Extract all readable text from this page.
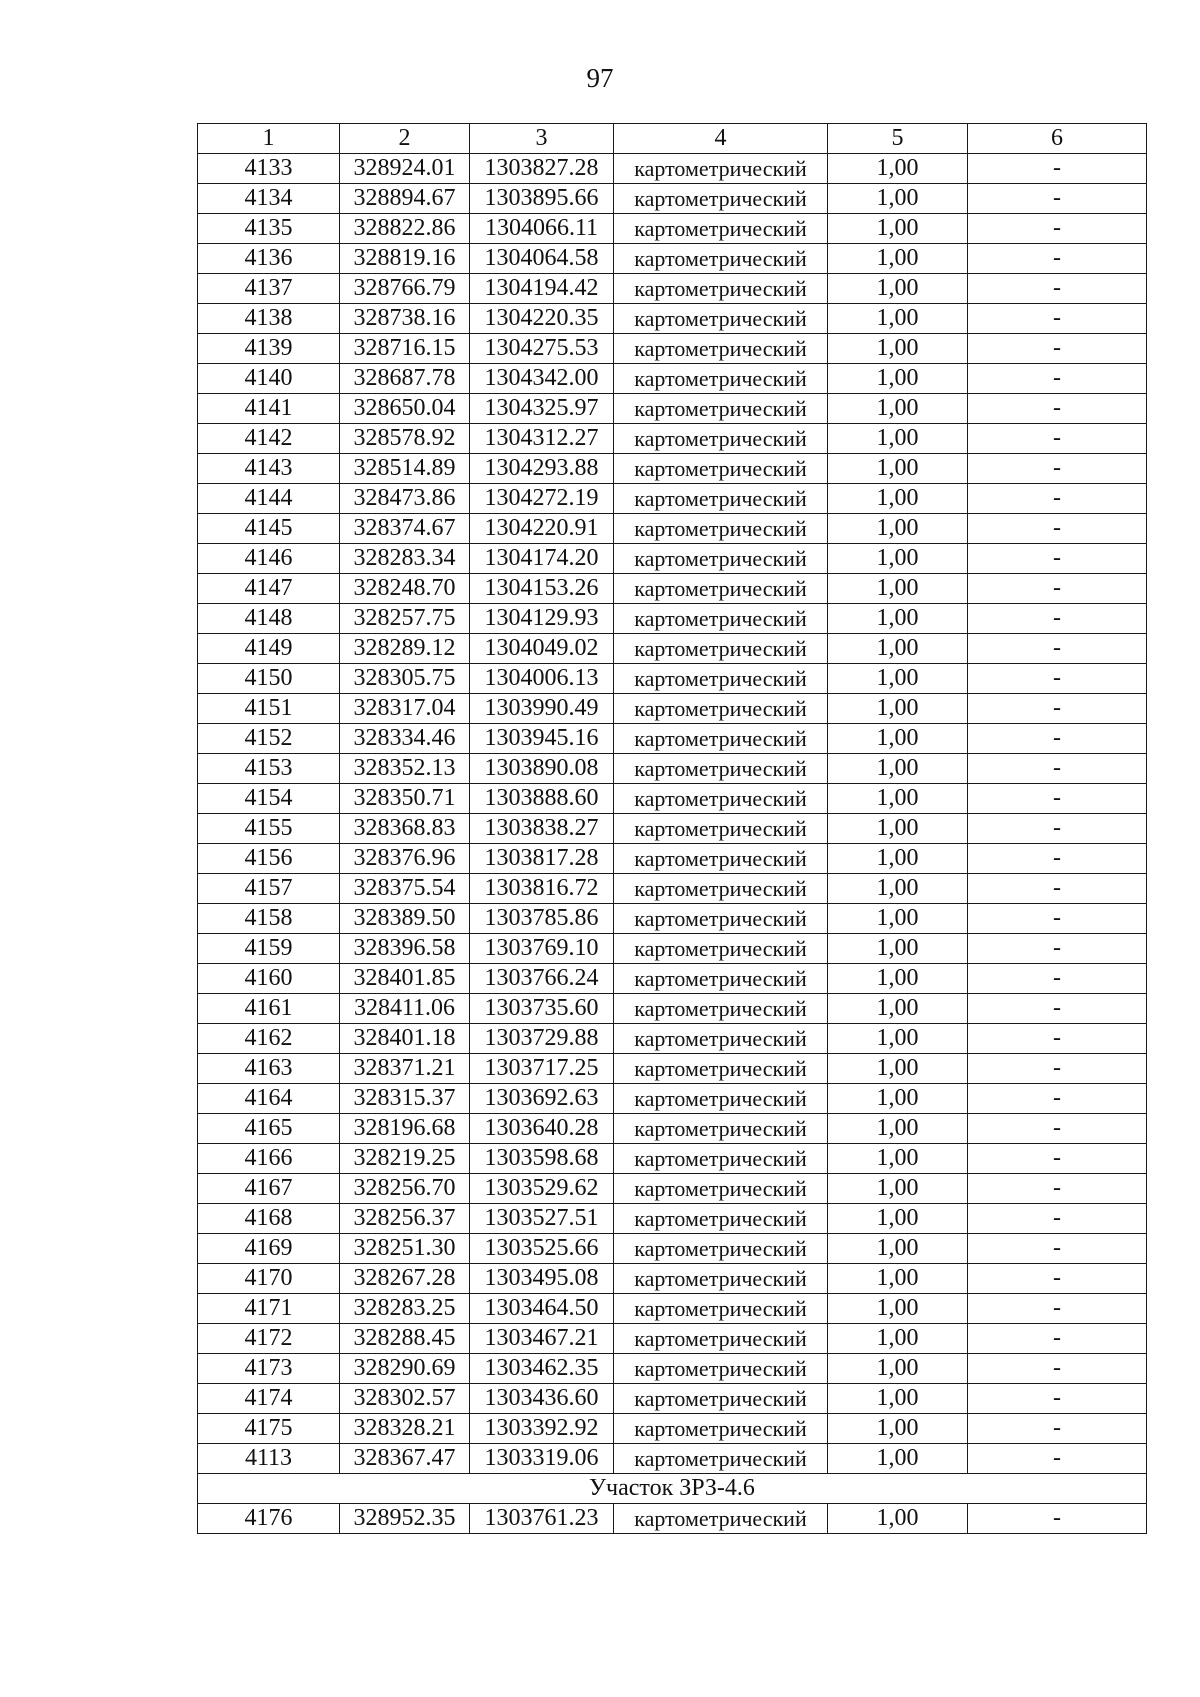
97
1	2	3	4	5	6
4133	328924.01	1303827.28	картометрический	1,00	-
4134	328894.67	1303895.66	картометрический	1,00	-
4135	328822.86	1304066.11	картометрический	1,00	-
4136	328819.16	1304064.58	картометрический	1,00	-
4137	328766.79	1304194.42	картометрический	1,00	-
4138	328738.16	1304220.35	картометрический	1,00	-
4139	328716.15	1304275.53	картометрический	1,00	-
4140	328687.78	1304342.00	картометрический	1,00	-
4141	328650.04	1304325.97	картометрический	1,00	-
4142	328578.92	1304312.27	картометрический	1,00	-
4143	328514.89	1304293.88	картометрический	1,00	-
4144	328473.86	1304272.19	картометрический	1,00	-
4145	328374.67	1304220.91	картометрический	1,00	-
4146	328283.34	1304174.20	картометрический	1,00	-
4147	328248.70	1304153.26	картометрический	1,00	-
4148	328257.75	1304129.93	картометрический	1,00	-
4149	328289.12	1304049.02	картометрический	1,00	-
4150	328305.75	1304006.13	картометрический	1,00	-
4151	328317.04	1303990.49	картометрический	1,00	-
4152	328334.46	1303945.16	картометрический	1,00	-
4153	328352.13	1303890.08	картометрический	1,00	-
4154	328350.71	1303888.60	картометрический	1,00	-
4155	328368.83	1303838.27	картометрический	1,00	-
4156	328376.96	1303817.28	картометрический	1,00	-
4157	328375.54	1303816.72	картометрический	1,00	-
4158	328389.50	1303785.86	картометрический	1,00	-
4159	328396.58	1303769.10	картометрический	1,00	-
4160	328401.85	1303766.24	картометрический	1,00	-
4161	328411.06	1303735.60	картометрический	1,00	-
4162	328401.18	1303729.88	картометрический	1,00	-
4163	328371.21	1303717.25	картометрический	1,00	-
4164	328315.37	1303692.63	картометрический	1,00	-
4165	328196.68	1303640.28	картометрический	1,00	-
4166	328219.25	1303598.68	картометрический	1,00	-
4167	328256.70	1303529.62	картометрический	1,00	-
4168	328256.37	1303527.51	картометрический	1,00	-
4169	328251.30	1303525.66	картометрический	1,00	-
4170	328267.28	1303495.08	картометрический	1,00	-
4171	328283.25	1303464.50	картометрический	1,00	-
4172	328288.45	1303467.21	картометрический	1,00	-
4173	328290.69	1303462.35	картометрический	1,00	-
4174	328302.57	1303436.60	картометрический	1,00	-
4175	328328.21	1303392.92	картометрический	1,00	-
4113	328367.47	1303319.06	картометрический	1,00	-
Участок ЗРЗ-4.6					
4176	328952.35	1303761.23	картометрический	1,00	-
